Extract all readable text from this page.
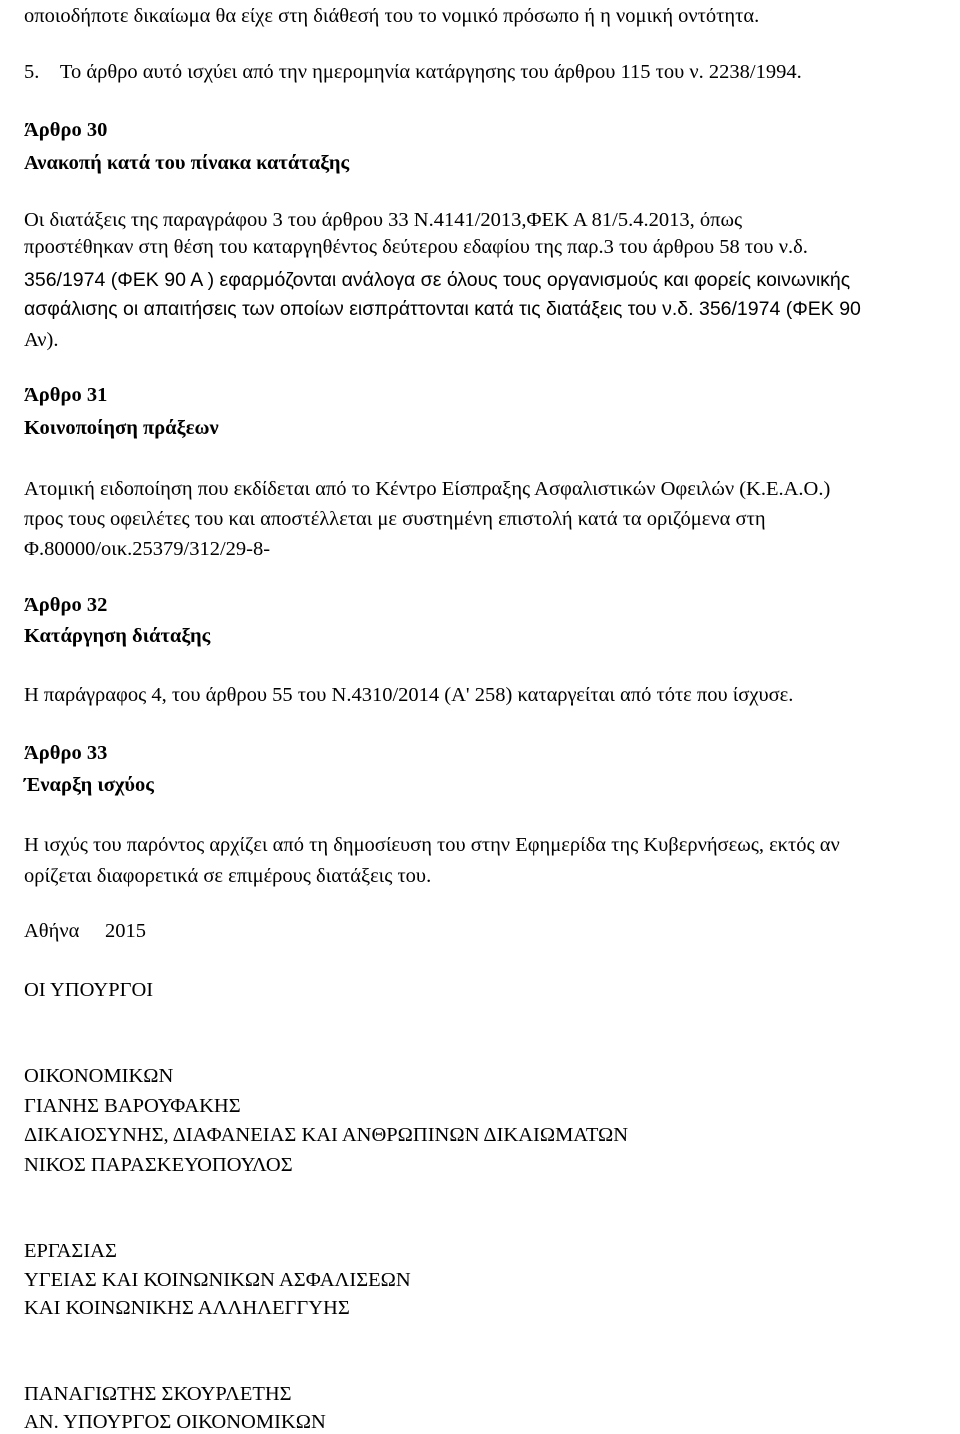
οποιοδήποτε δικαίωμα θα είχε στη διάθεσή του το νομικό πρόσωπο ή η νομική οντότητα.
5. Το άρθρο αυτό ισχύει από την ημερομηνία κατάργησης του άρθρου 115 του ν. 2238/1994.
Άρθρο 30
Ανακοπή κατά του πίνακα κατάταξης
Οι διατάξεις της παραγράφου 3 του άρθρου 33 Ν.4141/2013,ΦΕΚ Α 81/5.4.2013, όπως
προστέθηκαν στη θέση του καταργηθέντος δεύτερου εδαφίου της παρ.3 του άρθρου 58 του ν.δ.
356/1974 (ΦΕΚ 90 Α ) εφαρμόζονται ανάλογα σε όλους τους οργανισμούς και φορείς κοινωνικής
ασφάλισης οι απαιτήσεις των οποίων εισπράττονται κατά τις διατάξεις του ν.δ. 356/1974 (ΦΕΚ 90
Αν).
Άρθρο 31
Κοινοποίηση πράξεων
Ατομική ειδοποίηση που εκδίδεται από το Κέντρο Είσπραξης Ασφαλιστικών Οφειλών (Κ.Ε.Α.Ο.)
προς τους οφειλέτες του και αποστέλλεται με συστημένη επιστολή κατά τα οριζόμενα στη
Φ.80000/οικ.25379/312/29-8-
Άρθρο 32
Κατάργηση διάταξης
Η παράγραφος 4, του άρθρου 55 του Ν.4310/2014 (Α' 258) καταργείται από τότε που ίσχυσε.
Άρθρο 33
Έναρξη ισχύος
Η ισχύς του παρόντος αρχίζει από τη δημοσίευση του στην Εφημερίδα της Κυβερνήσεως, εκτός αν
ορίζεται διαφορετικά σε επιμέρους διατάξεις του.
Αθήνα 2015
ΟΙ ΥΠΟΥΡΓΟΙ
ΟΙΚΟΝΟΜΙΚΩΝ
ΓΙΑΝΗΣ ΒΑΡΟΥΦΑΚΗΣ
ΔΙΚΑΙΟΣΥΝΗΣ, ΔΙΑΦΑΝΕΙΑΣ ΚΑΙ ΑΝΘΡΩΠΙΝΩΝ ΔΙΚΑΙΩΜΑΤΩΝ
ΝΙΚΟΣ ΠΑΡΑΣΚΕΥΟΠΟΥΛΟΣ
ΕΡΓΑΣΙΑΣ
ΥΓΕΙΑΣ ΚΑΙ ΚΟΙΝΩΝΙΚΩΝ ΑΣΦΑΛΙΣΕΩΝ
ΚΑΙ ΚΟΙΝΩΝΙΚΗΣ ΑΛΛΗΛΕΓΓΥΗΣ
ΠΑΝΑΓΙΩΤΗΣ ΣΚΟΥΡΛΕΤΗΣ
ΑΝ. ΥΠΟΥΡΓΟΣ ΟΙΚΟΝΟΜΙΚΩΝ
